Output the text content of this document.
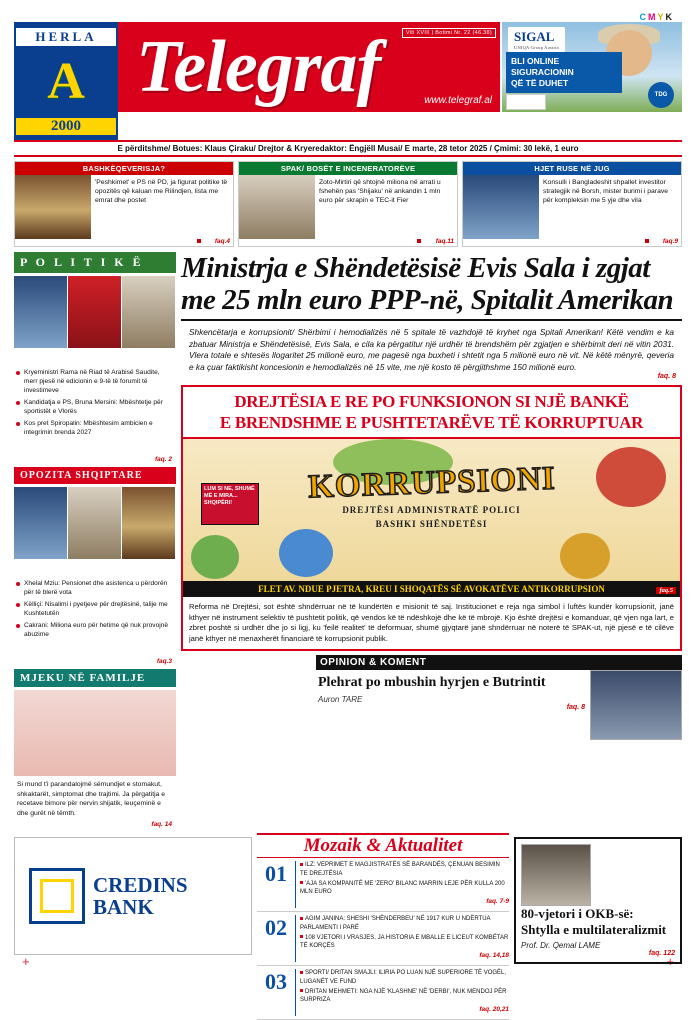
+	+
CMYK
HERLA
A
2000
Telegraf	Viti XVIII | Botimi Nr. 22 (46.38)
www.telegraf.al
SIGAL
UNIQA Group Austria
BLI ONLINE
SIGURACIONIN
QË TË DUHET
TDG
E përditshme/ Botues: Klaus Çiraku/ Drejtor & Kryeredaktor: Ëngjëll Musai/ E marte, 28 tetor 2025 / Çmimi: 30 lekë, 1 euro
BASHKËQEVERISJA?
'Peshkimet' e PS në PD, ja figurat politike të opozitës që kaluan me Rilindjen, lista me emrat dhe postet
faq.4
SPAK/ BOSËT E INCENERATORËVE
Zoto-Mirtiri që shtojnë miliona në arrati u fshehën pas 'Shijaku' në ankandin 1 mln euro për skrapin e TEC-it Fier
faq.11
HJET RUSE NË JUG
Konsulli i Bangladeshit shpallet investitor strategjik në Borsh, mister burimi i parave për kompleksin me 5 yje dhe vila
faq.9
P O L I T I K Ë
Kryeministri Rama në Riad të Arabisë Saudite, merr pjesë në edicionin e 9-të të forumit të investimeve
Kandidatja e PS, Bruna Mersini: Mbështetje për sportistët e Vlorës
Kos pret Spiropalin: Mbështesim ambicien e integrimin brenda 2027
faq. 2
OPOZITA SHQIPTARE
Xhelal Mziu: Pensionet dhe asistenca u përdorën për të blerë vota
Këlliçi: Nisalimi i pyetjeve për drejtësinë, talije me Kushtetutën
Cakrani: Miliona euro për hetime që nuk provojnë abuzime
faq.3
MJEKU NË FAMILJE
Si mund t'i parandalojmë sëmundjet e stomakut, shkaktarët, simptomat dhe trajtimi. Ja përgatitja e recetave bimore për nervin shijatik, leuçeminë e dhe gurët në tëmth.
faq. 14
Ministrja e Shëndetësisë Evis Sala i zgjat
me 25 mln euro PPP-në, Spitalit Amerikan
Shkencëtarja e korrupsionit/ Shërbimi i hemodializës në 5 spitale të vazhdojë të kryhet nga Spitali Amerikan! Këtë vendim e ka zbatuar Ministrja e Shëndetësisë, Evis Sala, e cila ka përgatitur një urdhër të brendshëm për zgjatjen e shërbimit deri në vitin 2031. Vlera totale e shtesës llogaritet 25 milionë euro, me pagesë nga buxheti i shtetit nga 5 milionë euro në vit. Në këtë mënyrë, qeveria e ka çuar faktikisht koncesionin e hemodializës në 15 vite, me një kosto të përgjithshme 150 milionë euro.
faq. 8
DREJTËSIA E RE PO FUNKSIONON SI NJË BANKË
E BRENDSHME E PUSHTETARËVE TË KORRUPTUAR
LUM SI NE, SHUMË MË E MIRA... SHQIPËRI!	KORRUPSIONI
DREJTËSI ADMINISTRATË POLICI
BASHKI SHËNDETËSI
FLET AV. NDUE PJETRA, KREU I SHOQATËS SË AVOKATËVE ANTIKORRUPSION	faq.5
Reforma në Drejtësi, sot është shndërruar në të kundërtën e misionit të saj. Institucionet e reja nga simbol i luftës kundër korrupsionit, janë kthyer në instrument selektiv të pushtetit politik, që vendos kë të ndëshkojë dhe kë të mbrojë. Kjo është drejtësi e komanduar, që vjen nga lart, e zbret poshtë si urdhër dhe jo si ligj, ku 'feilë realitet' të deformuar, shumë gjyqtarë janë shndërruar në noterë të SPAK-ut, një pjesë e të cilëve janë kthyer në menaxherët financiarë të korrupsionit publik.
OPINION & KOMENT
Plehrat po mbushin hyrjen e Butrintit
Auron TARE
faq. 8
CREDINS
BANK
Mozaik & Aktualitet
01	ILZ: VEPRIMET E MAGJISTRATËS SË BARANDËS, ÇENUAN BESIMIN TE DREJTËSIA
'AJA SA KOMPANITË ME 'ZERO' BILANC MARRIN LEJE PËR KULLA 200 MLN EURO
faq. 7-9
02	AGIM JANINA: SHESHI 'SHËNDERBEU' NË 1917 KUR U NDËRTUA PARLAMENTI I PARË
108 VJETORI I VRASJES, JA HISTORIA E MBALLE E LICEUT KOMBËTAR TË KORÇËS
faq. 14,18
03	SPORTI/ DRITAN SMAJLI: ILIRIA PO LUAN NJË SUPERIORE TË VOGËL, LUGANËT VE FUND
DRITAN MEHMETI: NGA NJË 'KLASHNE' NË 'DERBI', NUK MENDOJ PËR SURPRIZA
faq. 20,21
80-vjetori i OKB-së: Shtylla e multilateralizmit
Prof. Dr. Qemal LAME
faq. 122
